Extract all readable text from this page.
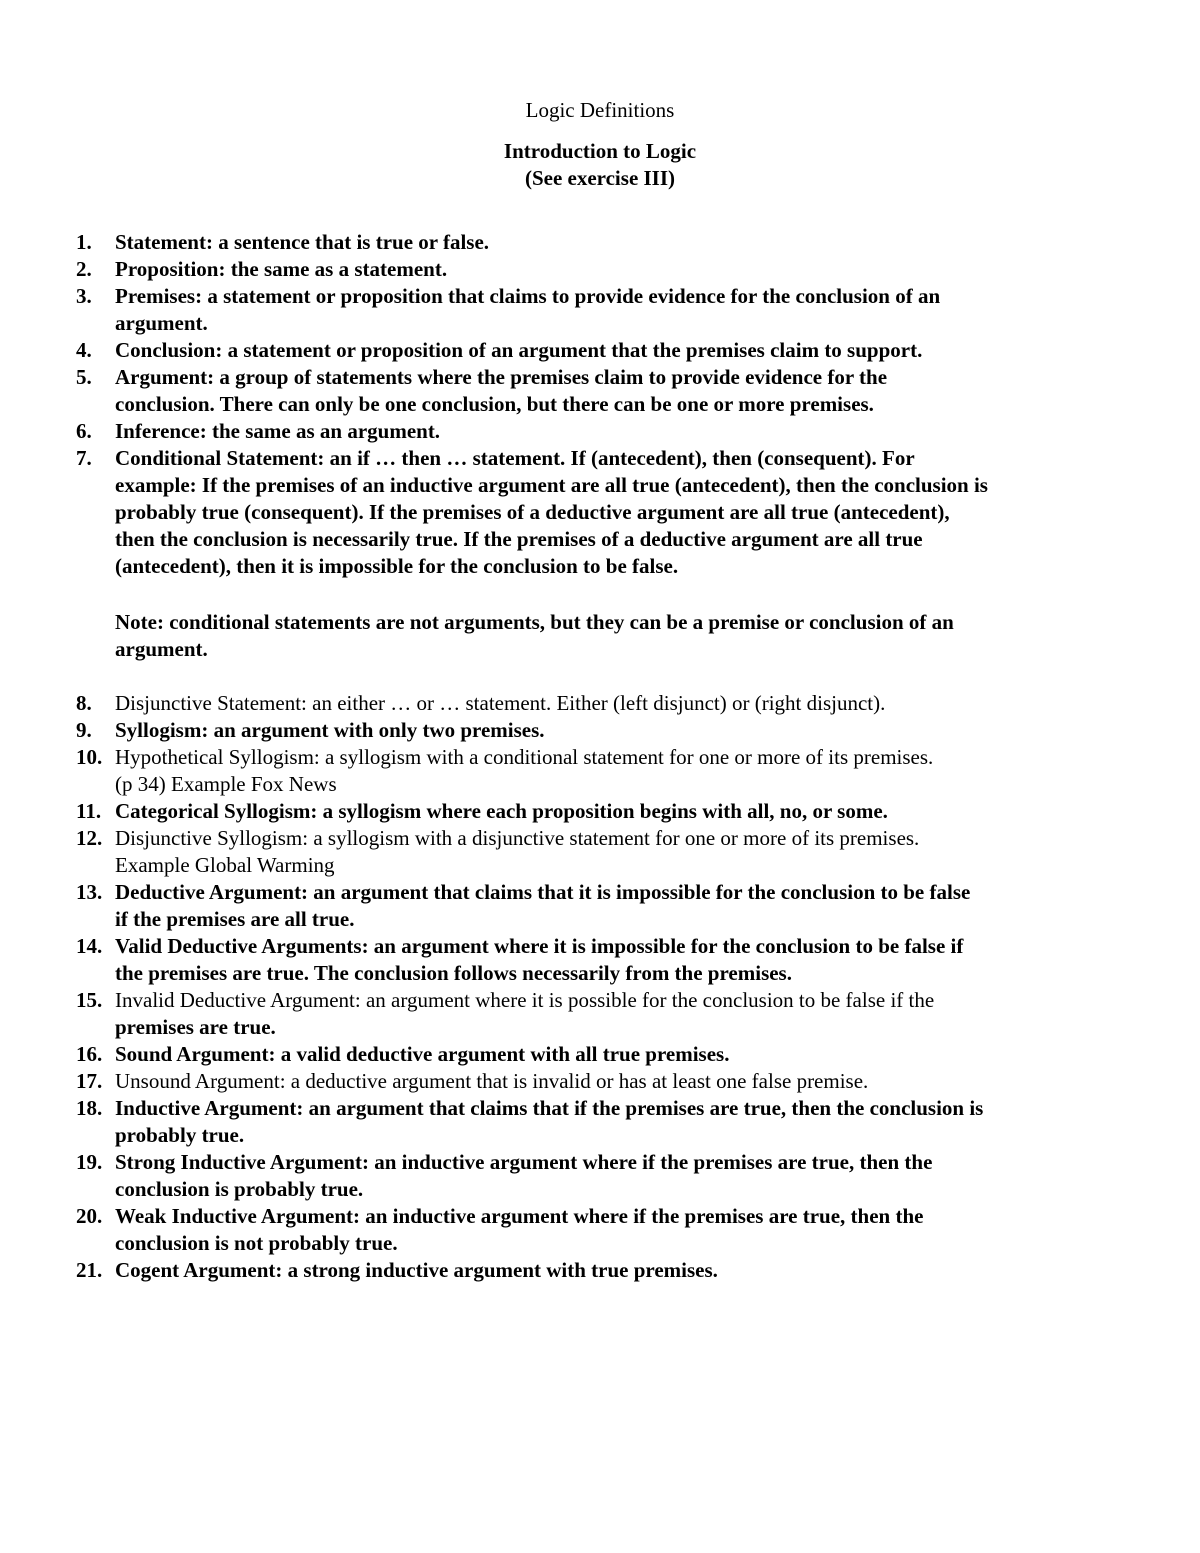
Logic Definitions
Introduction to Logic
(See exercise III)
1.	Statement: a sentence that is true or false.
2.	Proposition: the same as a statement.
3.	Premises: a statement or proposition that claims to provide evidence for the conclusion of an
argument.
4.	Conclusion: a statement or proposition of an argument that the premises claim to support.
5.	Argument: a group of statements where the premises claim to provide evidence for the
conclusion. There can only be one conclusion, but there can be one or more premises.
6.	Inference: the same as an argument.
7.	Conditional Statement: an if … then … statement. If (antecedent), then (consequent). For
example: If the premises of an inductive argument are all true (antecedent), then the conclusion is
probably true (consequent). If the premises of a deductive argument are all true (antecedent),
then the conclusion is necessarily true. If the premises of a deductive argument are all true
(antecedent), then it is impossible for the conclusion to be false.
8.	Disjunctive Statement: an either … or … statement. Either (left disjunct) or (right disjunct).
9.	Syllogism: an argument with only two premises.
10. Hypothetical Syllogism: a syllogism with a conditional statement for one or more of its premises.
(p 34) Example Fox News
11. Categorical Syllogism: a syllogism where each proposition begins with all, no, or some.
12. Disjunctive Syllogism: a syllogism with a disjunctive statement for one or more of its premises.
Example Global Warming
13. Deductive Argument: an argument that claims that it is impossible for the conclusion to be false
if the premises are all true.
14. Valid Deductive Arguments: an argument where it is impossible for the conclusion to be false if
the premises are true. The conclusion follows necessarily from the premises.
15. Invalid Deductive Argument: an argument where it is possible for the conclusion to be false if the
premises are true.
16. Sound Argument: a valid deductive argument with all true premises.
17. Unsound Argument: a deductive argument that is invalid or has at least one false premise.
18. Inductive Argument: an argument that claims that if the premises are true, then the conclusion is
probably true.
19. Strong Inductive Argument: an inductive argument where if the premises are true, then the
conclusion is probably true.
20. Weak Inductive Argument: an inductive argument where if the premises are true, then the
conclusion is not probably true.
21. Cogent Argument: a strong inductive argument with true premises.
Note: conditional statements are not arguments, but they can be a premise or conclusion of an
argument.
